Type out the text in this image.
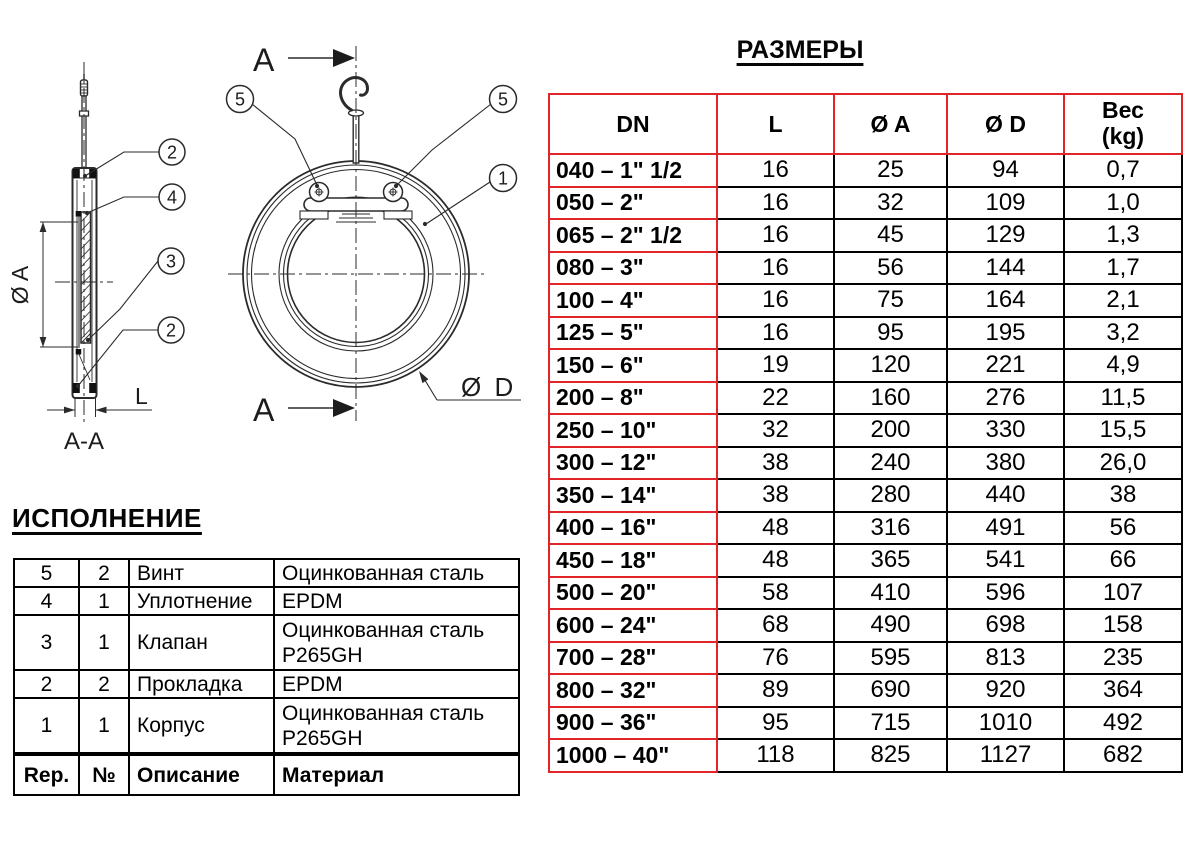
Ø A
L
A-A
2
4
3
2
A
A
Ø D
5	5
1
ИСПОЛНЕНИЕ
5	2	Винт	Оцинкованная сталь
4	1	Уплотнение	EPDM
3	1	Клапан	Оцинкованная сталь P265GH
2	2	Прокладка	EPDM
1	1	Корпус	Оцинкованная сталь P265GH
Rep.	№	Описание	Материал
РАЗМЕРЫ
DN	L	Ø A	Ø D	Вес (kg)
040 – 1" 1/2	16	25	94	0,7
050 – 2"	16	32	109	1,0
065 – 2" 1/2	16	45	129	1,3
080 – 3"	16	56	144	1,7
100 – 4"	16	75	164	2,1
125 – 5"	16	95	195	3,2
150 – 6"	19	120	221	4,9
200 – 8"	22	160	276	11,5
250 – 10"	32	200	330	15,5
300 – 12"	38	240	380	26,0
350 – 14"	38	280	440	38
400 – 16"	48	316	491	56
450 – 18"	48	365	541	66
500 – 20"	58	410	596	107
600 – 24"	68	490	698	158
700 – 28"	76	595	813	235
800 – 32"	89	690	920	364
900 – 36"	95	715	1010	492
1000 – 40"	118	825	1127	682
